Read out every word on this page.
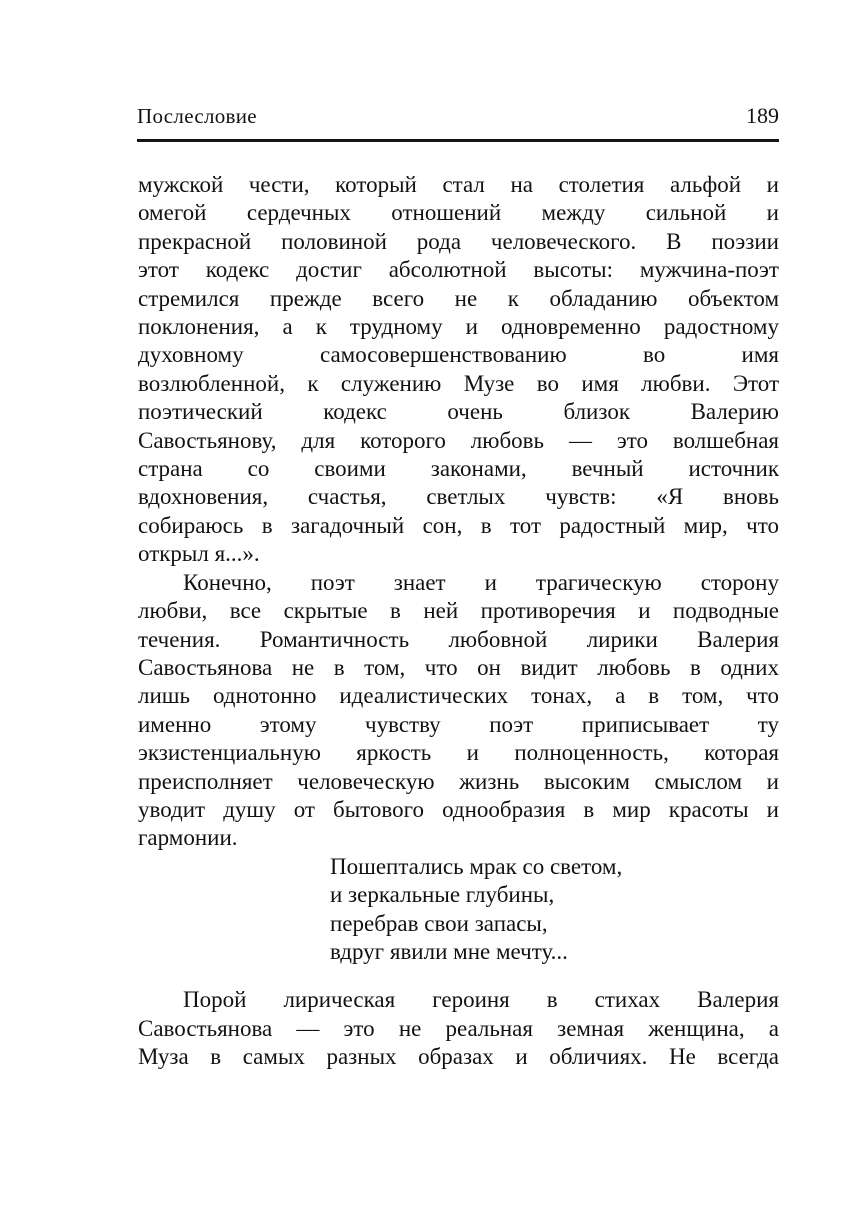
Послесловие	189
мужской чести, который стал на столетия альфой и
омегой сердечных отношений между сильной и
прекрасной половиной рода человеческого. В поэзии
этот кодекс достиг абсолютной высоты: мужчина-поэт
стремился прежде всего не к обладанию объектом
поклонения, а к трудному и одновременно радостному
духовному самосовершенствованию во имя
возлюбленной, к служению Музе во имя любви. Этот
поэтический кодекс очень близок Валерию
Савостьянову, для которого любовь — это волшебная
страна со своими законами, вечный источник
вдохновения, счастья, светлых чувств: «Я вновь
собираюсь в загадочный сон, в тот радостный мир, что
открыл я...».
Конечно, поэт знает и трагическую сторону
любви, все скрытые в ней противоречия и подводные
течения. Романтичность любовной лирики Валерия
Савостьянова не в том, что он видит любовь в одних
лишь однотонно идеалистических тонах, а в том, что
именно этому чувству поэт приписывает ту
экзистенциальную яркость и полноценность, которая
преисполняет человеческую жизнь высоким смыслом и
уводит душу от бытового однообразия в мир красоты и
гармонии.
Пошептались мрак со светом,
и зеркальные глубины,
перебрав свои запасы,
вдруг явили мне мечту...
Порой лирическая героиня в стихах Валерия
Савостьянова — это не реальная земная женщина, а
Муза в самых разных образах и обличиях. Не всегда
